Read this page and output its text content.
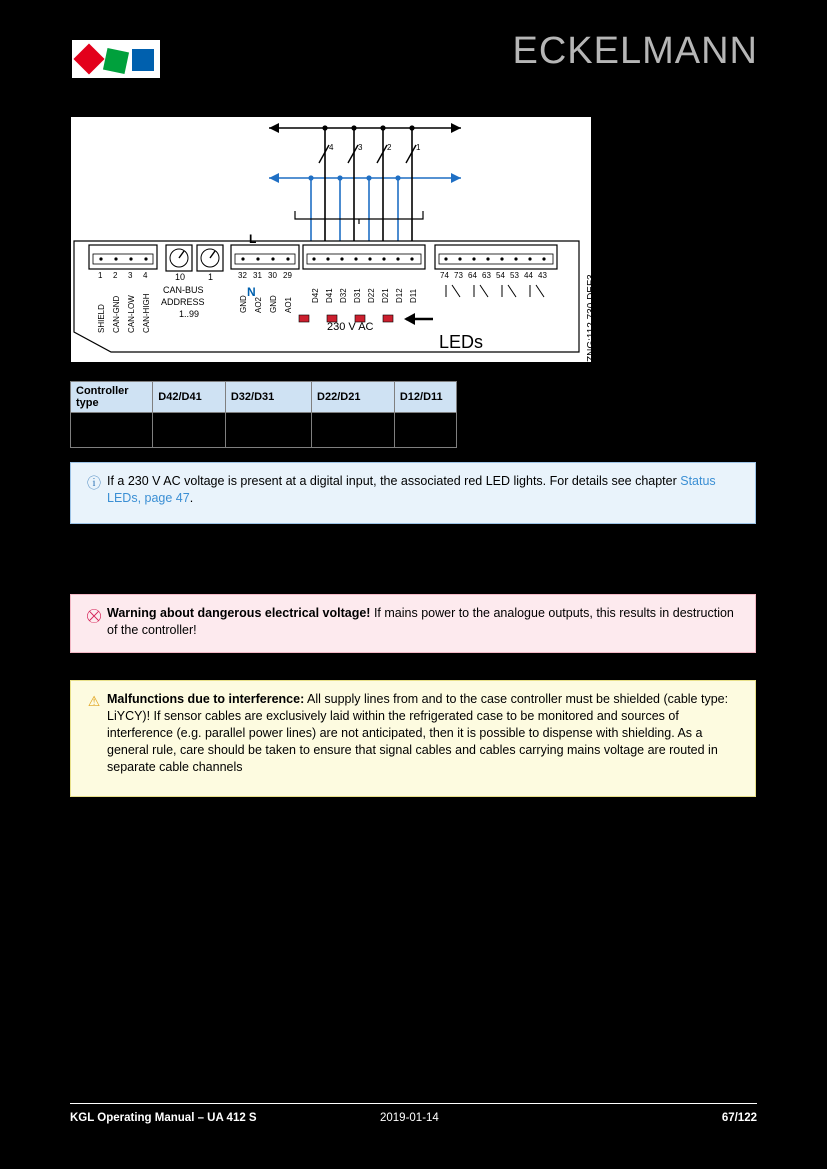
ECKELMANN
L
N
4	3	2	1
230 V AC	ZNG:112 730 DEF3
LEDs
1 2 3 4
SHIELD CAN-GND CAN-LOW CAN-HIGH
10	1
CAN-BUS
ADDRESS
1..99
32 31 30 29
GND AO2 GND AO1
D42 D41 D32 D31 D22 D21 D12 D11
74 73 64 63 54 53 44 43
Controller type	D42/D41	D32/D31	D22/D21	D12/D11

ⓘ If a 230 V AC voltage is present at a digital input, the associated red LED lights. For details see chapter Status LEDs, page 47.
⛒ Warning about dangerous electrical voltage! If mains power to the analogue outputs, this results in destruction of the controller!
⚠ Malfunctions due to interference: All supply lines from and to the case controller must be shielded (cable type: LiYCY)! If sensor cables are exclusively laid within the refrigerated case to be monitored and sources of interference (e.g. parallel power lines) are not anticipated, then it is possible to dispense with shielding. As a general rule, care should be taken to ensure that signal cables and cables carrying mains voltage are routed in separate cable channels
KGL Operating Manual – UA 412 S	2019-01-14	67/122
